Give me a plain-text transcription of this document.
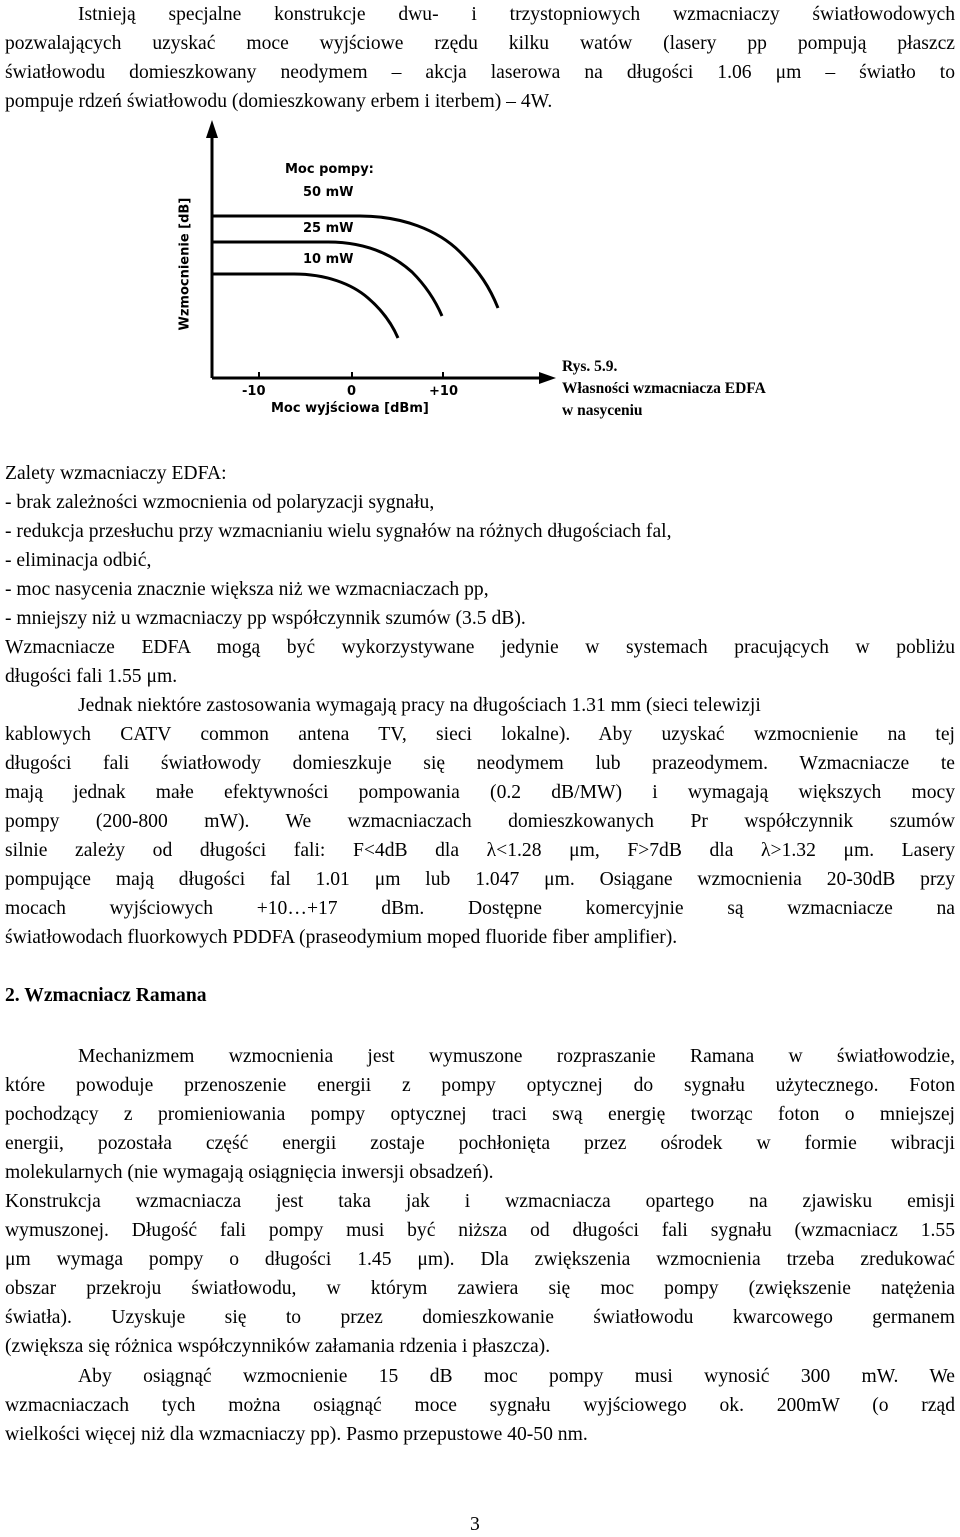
Istnieją specjalne konstrukcje dwu- i trzystopniowych wzmacniaczy światłowodowych
pozwalających uzyskać moce wyjściowe rzędu kilku watów (lasery pp pompują płaszcz
światłowodu domieszkowany neodymem – akcja laserowa na długości 1.06 μm – światło to
pompuje rdzeń światłowodu (domieszkowany erbem i iterbem) – 4W.
Moc pompy:
50 mW
25 mW
10 mW
Wzmocnienie [dB]
-10	0	+10
Moc wyjściowa [dBm]
Rys. 5.9.
Własności wzmacniacza EDFA
w nasyceniu
Zalety wzmacniaczy EDFA:
- brak zależności wzmocnienia od polaryzacji sygnału,
- redukcja przesłuchu przy wzmacnianiu wielu sygnałów na różnych długościach fal,
- eliminacja odbić,
- moc nasycenia znacznie większa niż we wzmacniaczach pp,
- mniejszy niż u wzmacniaczy pp współczynnik szumów (3.5 dB).
Wzmacniacze EDFA mogą być wykorzystywane jedynie w systemach pracujących w pobliżu
długości fali 1.55 μm.
Jednak niektóre zastosowania wymagają pracy na długościach 1.31 mm (sieci telewizji
kablowych CATV common antena TV, sieci lokalne). Aby uzyskać wzmocnienie na tej
długości fali światłowody domieszkuje się neodymem lub prazeodymem. Wzmacniacze te
mają jednak małe efektywności pompowania (0.2 dB/MW) i wymagają większych mocy
pompy (200-800 mW). We wzmacniaczach domieszkowanych Pr współczynnik szumów
silnie zależy od długości fali: F<4dB dla λ<1.28 μm, F>7dB dla λ>1.32 μm. Lasery
pompujące mają długości fal 1.01 μm lub 1.047 μm. Osiągane wzmocnienia 20-30dB przy
mocach wyjściowych +10…+17 dBm. Dostępne komercyjnie są wzmacniacze na
światłowodach fluorkowych PDDFA (praseodymium moped fluoride fiber amplifier).
2. Wzmacniacz Ramana
Mechanizmem wzmocnienia jest wymuszone rozpraszanie Ramana w światłowodzie,
które powoduje przenoszenie energii z pompy optycznej do sygnału użytecznego. Foton
pochodzący z promieniowania pompy optycznej traci swą energię tworząc foton o mniejszej
energii, pozostała część energii zostaje pochłonięta przez ośrodek w formie wibracji
molekularnych (nie wymagają osiągnięcia inwersji obsadzeń).
Konstrukcja wzmacniacza jest taka jak i wzmacniacza opartego na zjawisku emisji
wymuszonej. Długość fali pompy musi być niższa od długości fali sygnału (wzmacniacz 1.55
μm wymaga pompy o długości 1.45 μm). Dla zwiększenia wzmocnienia trzeba zredukować
obszar przekroju światłowodu, w którym zawiera się moc pompy (zwiększenie natężenia
światła). Uzyskuje się to przez domieszkowanie światłowodu kwarcowego germanem
(zwiększa się różnica współczynników załamania rdzenia i płaszcza).
Aby osiągnąć wzmocnienie 15 dB moc pompy musi wynosić 300 mW. We
wzmacniaczach tych można osiągnąć moce sygnału wyjściowego ok. 200mW (o rząd
wielkości więcej niż dla wzmacniaczy pp). Pasmo przepustowe 40-50 nm.
3
